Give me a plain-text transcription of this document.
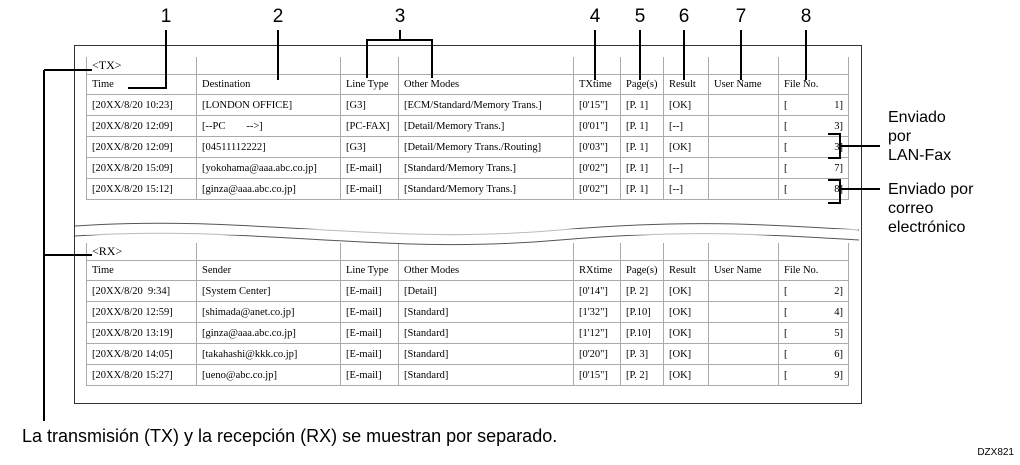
1	2	3	4 5 6 7	8
<TX>								
Time	Destination	Line Type	Other Modes	TXtime	Page(s)	Result	User Name	File No.
[20XX/8/20 10:23]	[LONDON OFFICE]	[G3]	[ECM/Standard/Memory Trans.]	[0'15"]	[P. 1]	[OK]		[ 1]

[20XX/8/20 12:09]	[--PC        -->]	[PC-FAX]	[Detail/Memory Trans.]	[0'01"]	[P. 1]	[--]		[ 3]

[20XX/8/20 12:09]	[04511112222]	[G3]	[Detail/Memory Trans./Routing]	[0'03"]	[P. 1]	[OK]		[ 3]

[20XX/8/20 15:09]	[yokohama@aaa.abc.co.jp]	[E-mail]	[Standard/Memory Trans.]	[0'02"]	[P. 1]	[--]		[ 7]

[20XX/8/20 15:12]	[ginza@aaa.abc.co.jp]	[E-mail]	[Standard/Memory Trans.]	[0'02"]	[P. 1]	[--]		[ 8]
<RX>								
Time	Sender	Line Type	Other Modes	RXtime	Page(s)	Result	User Name	File No.
[20XX/8/20  9:34]	[System Center]	[E-mail]	[Detail]	[0'14"]	[P. 2]	[OK]		[ 2]

[20XX/8/20 12:59]	[shimada@anet.co.jp]	[E-mail]	[Standard]	[1'32"]	[P.10]	[OK]		[ 4]

[20XX/8/20 13:19]	[ginza@aaa.abc.co.jp]	[E-mail]	[Standard]	[1'12"]	[P.10]	[OK]		[ 5]

[20XX/8/20 14:05]	[takahashi@kkk.co.jp]	[E-mail]	[Standard]	[0'20"]	[P. 3]	[OK]		[ 6]

[20XX/8/20 15:27]	[ueno@abc.co.jp]	[E-mail]	[Standard]	[0'15"]	[P. 2]	[OK]		[ 9]
Enviado
por
LAN-Fax
Enviado por
correo
electrónico
La transmisión (TX) y la recepción (RX) se muestran por separado.
DZX821
